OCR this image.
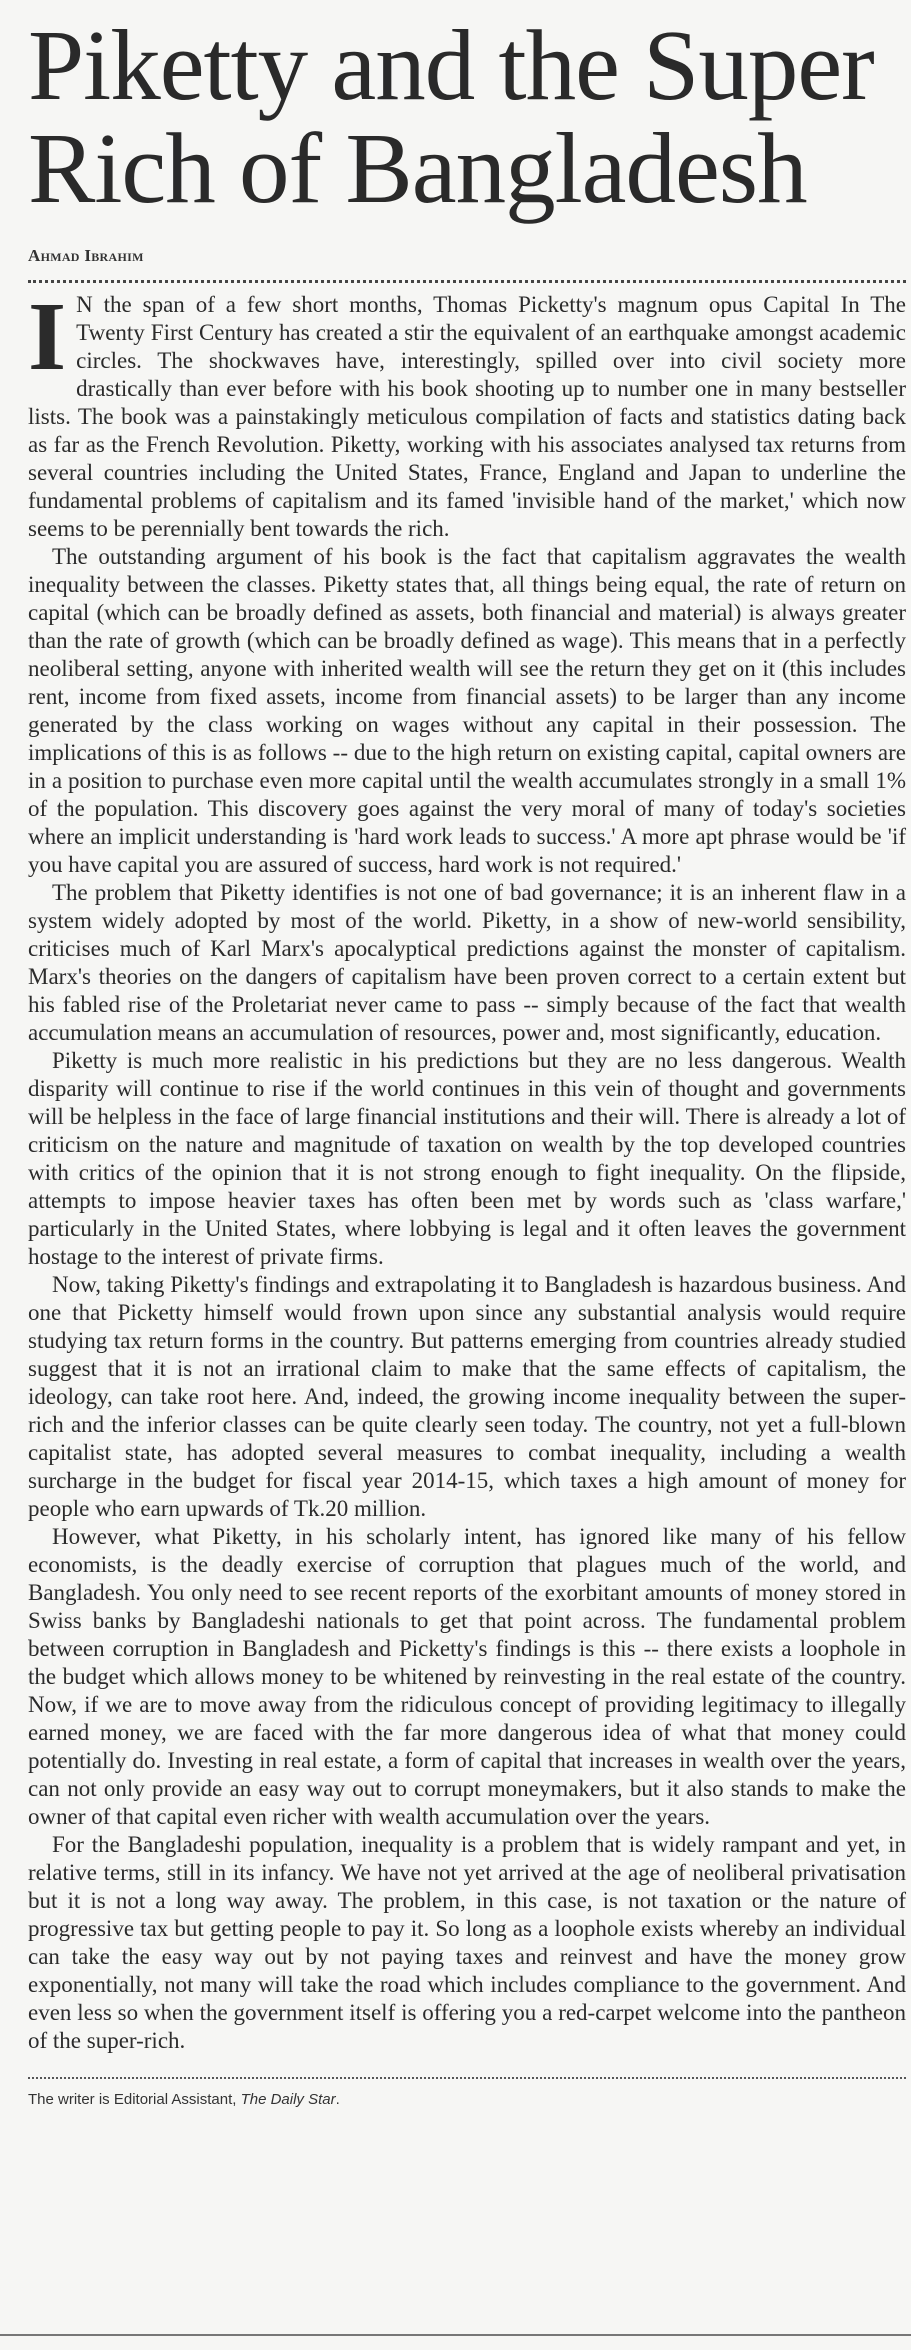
Piketty and the Super
Rich of Bangladesh
Ahmad Ibrahim

I N the span of a few short months, Thomas Picketty's magnum opus Capital In The Twenty First Century has created a stir the equivalent of an earthquake amongst academic circles. The shockwaves have, interestingly, spilled over into civil society more drastically than ever before with his book shooting up to number one in many bestseller lists. The book was a painstakingly meticulous compilation of facts and statistics dating back as far as the French Revolution. Piketty, working with his associates analysed tax returns from several countries including the United States, France, England and Japan to underline the fundamental problems of capitalism and its famed 'invisible hand of the market,' which now seems to be perennially bent towards the rich.

The outstanding argument of his book is the fact that capitalism aggravates the wealth inequality between the classes. Piketty states that, all things being equal, the rate of return on capital (which can be broadly defined as assets, both financial and material) is always greater than the rate of growth (which can be broadly defined as wage). This means that in a perfectly neoliberal setting, anyone with inherited wealth will see the return they get on it (this includes rent, income from fixed assets, income from financial assets) to be larger than any income generated by the class working on wages without any capital in their possession. The implications of this is as follows -- due to the high return on existing capital, capital owners are in a position to purchase even more capital until the wealth accumulates strongly in a small 1% of the population. This discovery goes against the very moral of many of today's societies where an implicit understanding is 'hard work leads to success.' A more apt phrase would be 'if you have capital you are assured of success, hard work is not required.'

The problem that Piketty identifies is not one of bad governance; it is an inherent flaw in a system widely adopted by most of the world. Piketty, in a show of new-world sensibility, criticises much of Karl Marx's apocalyptical predictions against the monster of capitalism. Marx's theories on the dangers of capitalism have been proven correct to a certain extent but his fabled rise of the Proletariat never came to pass -- simply because of the fact that wealth accumulation means an accumulation of resources, power and, most significantly, education.

Piketty is much more realistic in his predictions but they are no less dangerous. Wealth disparity will continue to rise if the world continues in this vein of thought and governments will be helpless in the face of large financial institutions and their will. There is already a lot of criticism on the nature and magnitude of taxation on wealth by the top developed countries with critics of the opinion that it is not strong enough to fight inequality. On the flipside, attempts to impose heavier taxes has often been met by words such as 'class warfare,' particularly in the United States, where lobbying is legal and it often leaves the government hostage to the interest of private firms.

Now, taking Piketty's findings and extrapolating it to Bangladesh is hazardous business. And one that Picketty himself would frown upon since any substantial analysis would require studying tax return forms in the country. But patterns emerging from countries already studied suggest that it is not an irrational claim to make that the same effects of capitalism, the ideology, can take root here. And, indeed, the growing income inequality between the super-rich and the inferior classes can be quite clearly seen today. The country, not yet a full-blown capitalist state, has adopted several measures to combat inequality, including a wealth surcharge in the budget for fiscal year 2014-15, which taxes a high amount of money for people who earn upwards of Tk.20 million.

However, what Piketty, in his scholarly intent, has ignored like many of his fellow economists, is the deadly exercise of corruption that plagues much of the world, and Bangladesh. You only need to see recent reports of the exorbitant amounts of money stored in Swiss banks by Bangladeshi nationals to get that point across. The fundamental problem between corruption in Bangladesh and Picketty's findings is this -- there exists a loophole in the budget which allows money to be whitened by reinvesting in the real estate of the country. Now, if we are to move away from the ridiculous concept of providing legitimacy to illegally earned money, we are faced with the far more dangerous idea of what that money could potentially do. Investing in real estate, a form of capital that increases in wealth over the years, can not only provide an easy way out to corrupt moneymakers, but it also stands to make the owner of that capital even richer with wealth accumulation over the years.

For the Bangladeshi population, inequality is a problem that is widely rampant and yet, in relative terms, still in its infancy. We have not yet arrived at the age of neoliberal privatisation but it is not a long way away. The problem, in this case, is not taxation or the nature of progressive tax but getting people to pay it. So long as a loophole exists whereby an individual can take the easy way out by not paying taxes and reinvest and have the money grow exponentially, not many will take the road which includes compliance to the government. And even less so when the government itself is offering you a red-carpet welcome into the pantheon of the super-rich.

The writer is Editorial Assistant, The Daily Star.
